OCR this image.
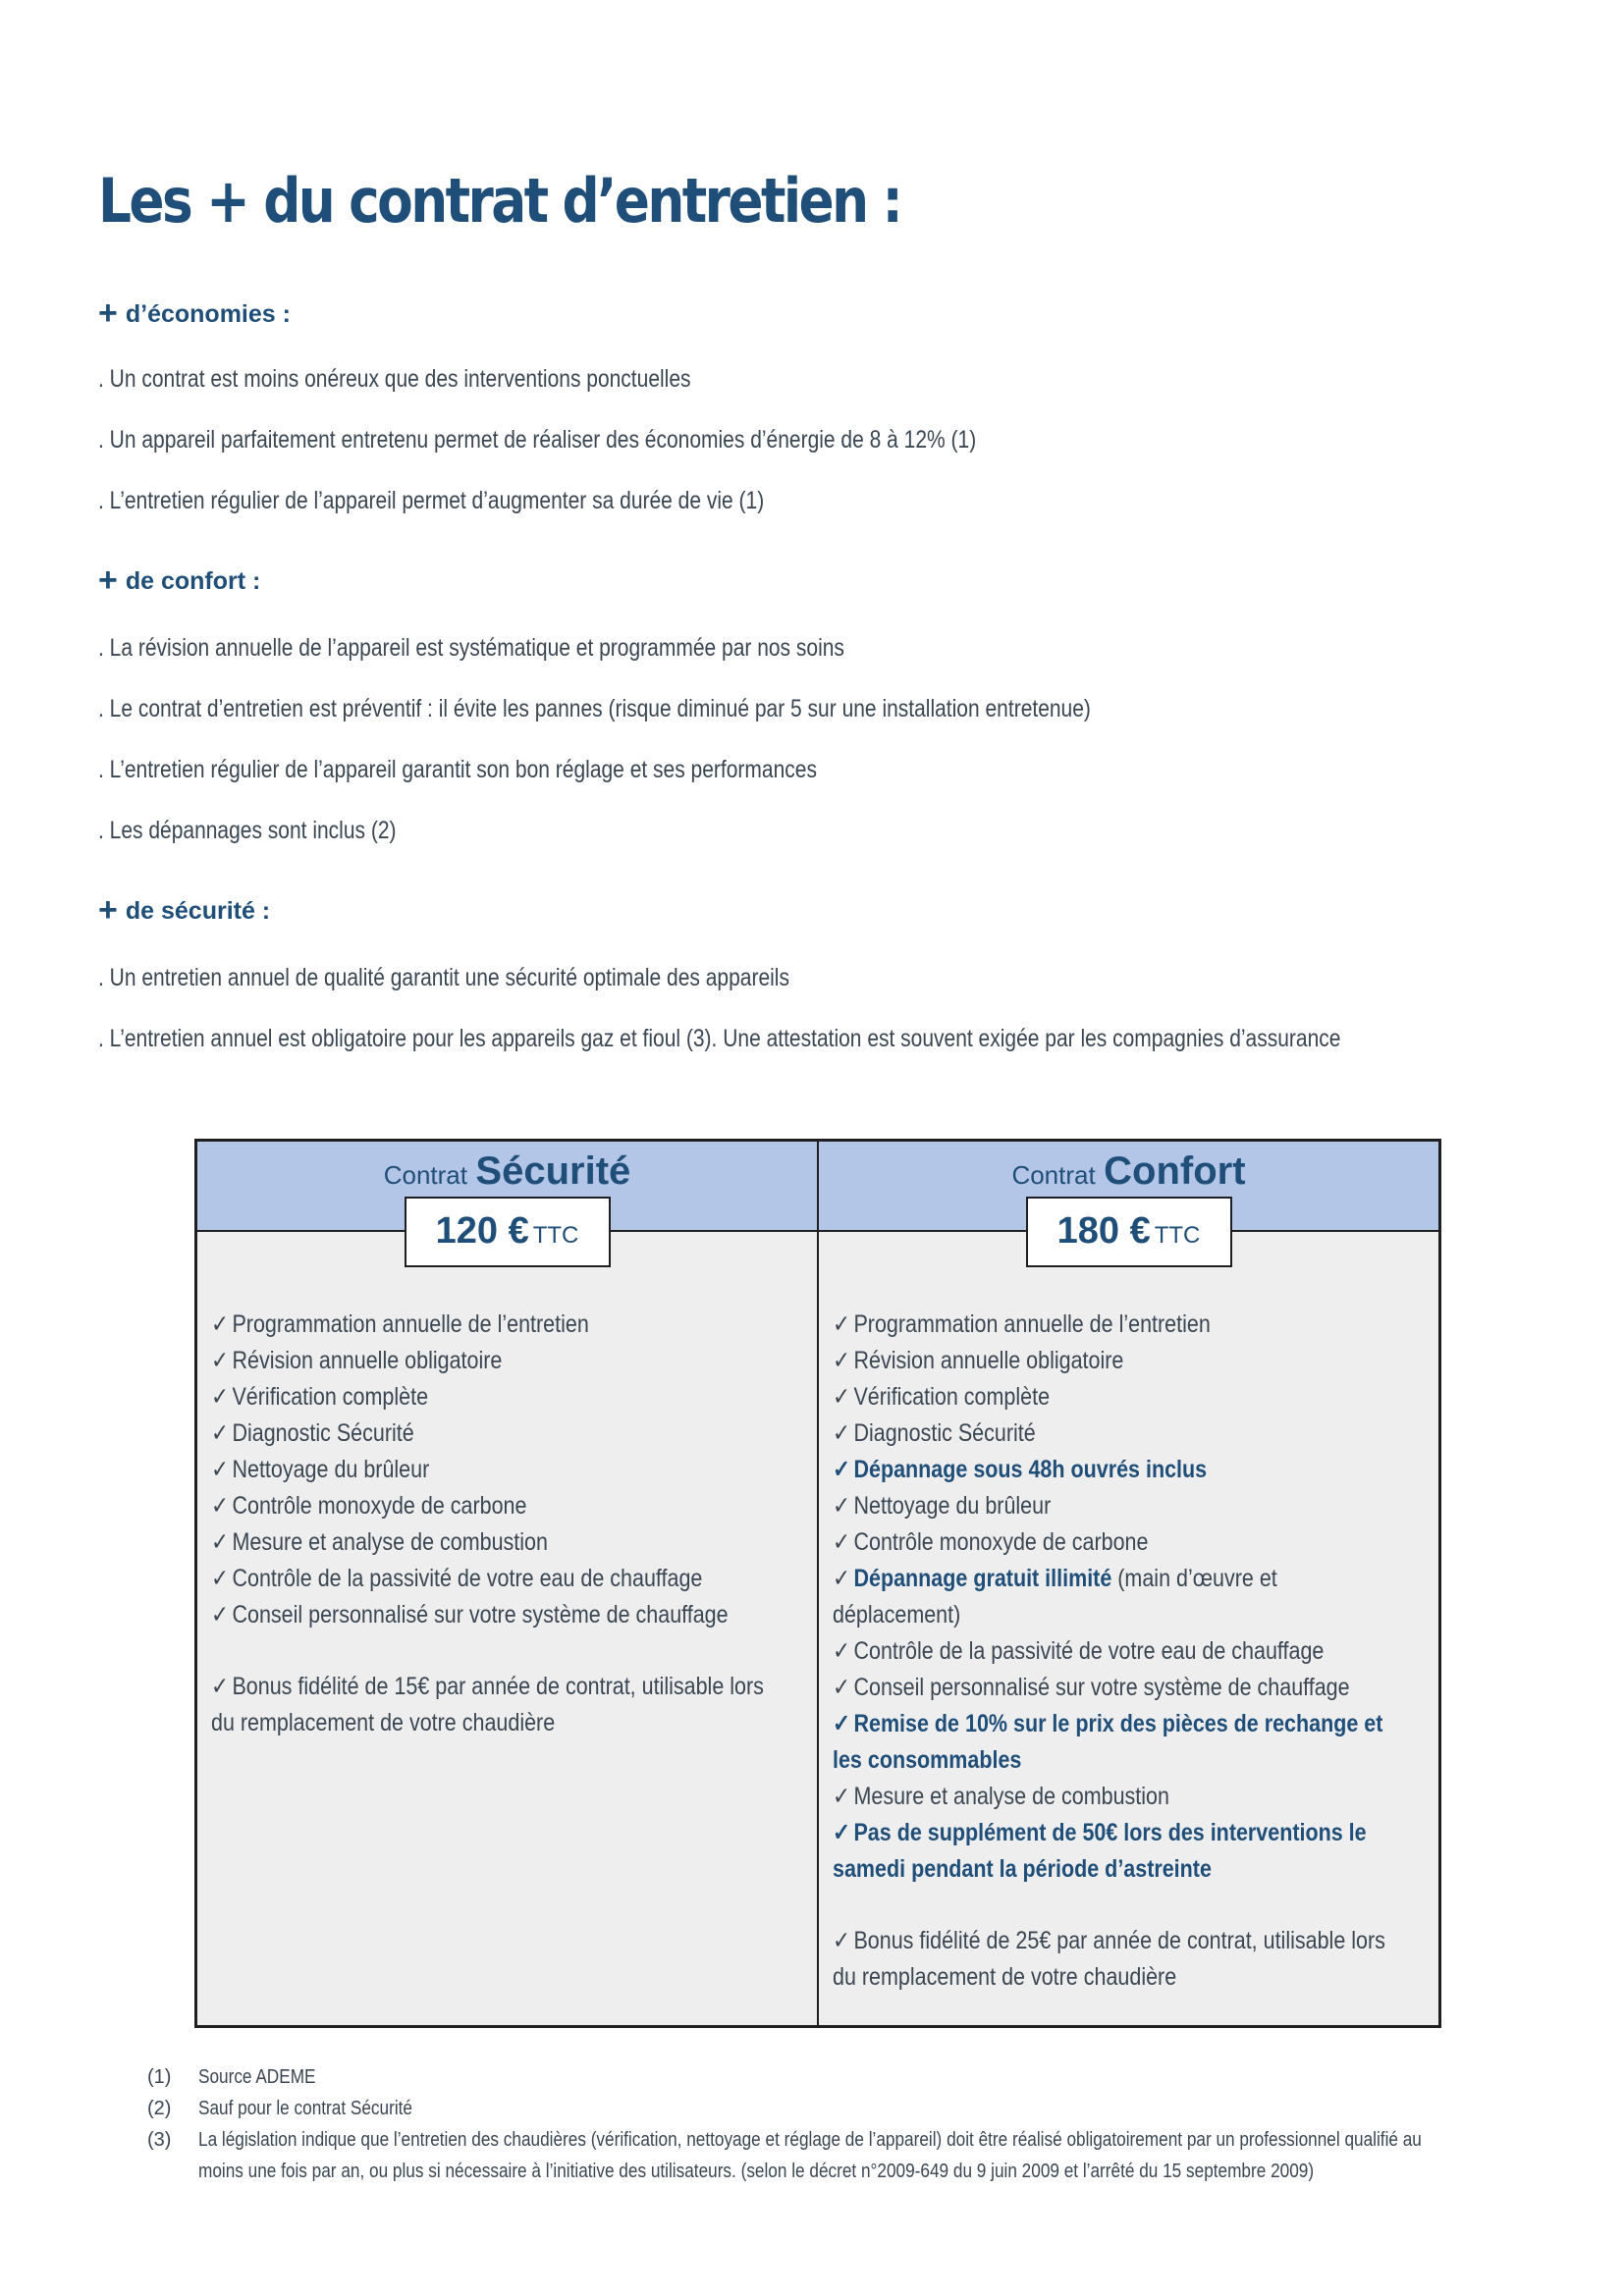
Les + du contrat d’entretien :

+ d’économies :

. Un contrat est moins onéreux que des interventions ponctuelles

. Un appareil parfaitement entretenu permet de réaliser des économies d’énergie de 8 à 12% (1)

. L’entretien régulier de l’appareil permet d’augmenter sa durée de vie (1)

+ de confort :

. La révision annuelle de l’appareil est systématique et programmée par nos soins

. Le contrat d’entretien est préventif : il évite les pannes (risque diminué par 5 sur une installation entretenue)

. L’entretien régulier de l’appareil garantit son bon réglage et ses performances

. Les dépannages sont inclus (2)

+ de sécurité :

. Un entretien annuel de qualité garantit une sécurité optimale des appareils

. L’entretien annuel est obligatoire pour les appareils gaz et fioul (3). Une attestation est souvent exigée par les compagnies d’assurance

Contrat Sécurité
120 € TTC
✓ Programmation annuelle de l’entretien
✓ Révision annuelle obligatoire
✓ Vérification complète
✓ Diagnostic Sécurité
✓ Nettoyage du brûleur
✓ Contrôle monoxyde de carbone
✓ Mesure et analyse de combustion
✓ Contrôle de la passivité de votre eau de chauffage
✓ Conseil personnalisé sur votre système de chauffage
✓ Bonus fidélité de 15€ par année de contrat, utilisable lors
du remplacement de votre chaudière
Contrat Confort
180 € TTC
✓ Programmation annuelle de l’entretien
✓ Révision annuelle obligatoire
✓ Vérification complète
✓ Diagnostic Sécurité
✓ Dépannage sous 48h ouvrés inclus
✓ Nettoyage du brûleur
✓ Contrôle monoxyde de carbone
✓ Dépannage gratuit illimité (main d’œuvre et
déplacement)
✓ Contrôle de la passivité de votre eau de chauffage
✓ Conseil personnalisé sur votre système de chauffage
✓ Remise de 10% sur le prix des pièces de rechange et
les consommables
✓ Mesure et analyse de combustion
✓ Pas de supplément de 50€ lors des interventions le
samedi pendant la période d’astreinte
✓ Bonus fidélité de 25€ par année de contrat, utilisable lors
du remplacement de votre chaudière
(1) Source ADEME
(2) Sauf pour le contrat Sécurité
(3) La législation indique que l’entretien des chaudières (vérification, nettoyage et réglage de l’appareil) doit être réalisé obligatoirement par un professionnel qualifié au
moins une fois par an, ou plus si nécessaire à l’initiative des utilisateurs. (selon le décret n°2009-649 du 9 juin 2009 et l’arrêté du 15 septembre 2009)
